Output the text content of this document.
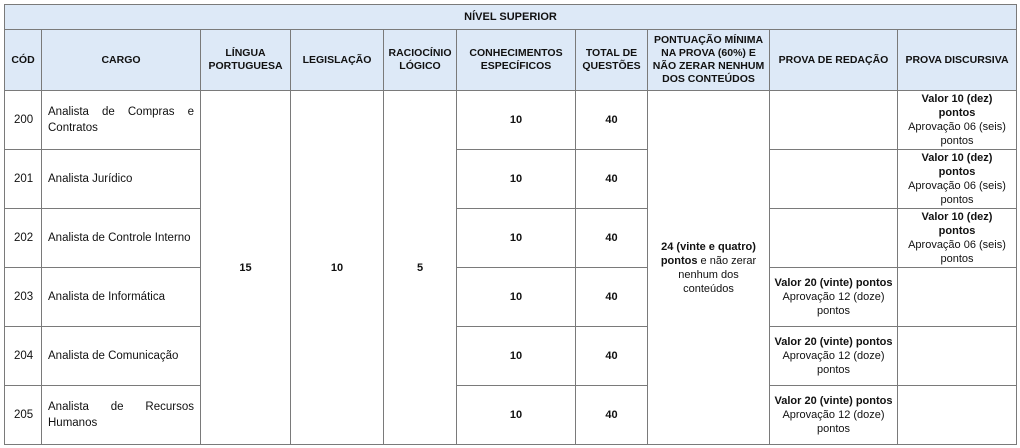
NÍVEL SUPERIOR									
CÓD	CARGO	LÍNGUA PORTUGUESA	LEGISLAÇÃO	RACIOCÍNIO LÓGICO	CONHECIMENTOS ESPECÍFICOS	TOTAL DE QUESTÕES	PONTUAÇÃO MÍNIMA NA PROVA (60%) E NÃO ZERAR NENHUM DOS CONTEÚDOS	PROVA DE REDAÇÃO	PROVA DISCURSIVA
200	Analista de Compras e Contratos	15	10	5	10	40	24 (vinte e quatro) pontos e não zerar nenhum dos conteúdos		Valor 10 (dez) pontos
Aprovação 06 (seis) pontos
201	Analista Jurídico				10	40			Valor 10 (dez) pontos
Aprovação 06 (seis) pontos
202	Analista de Controle Interno				10	40			Valor 10 (dez) pontos
Aprovação 06 (seis) pontos
203	Analista de Informática				10	40		Valor 20 (vinte) pontos
Aprovação 12 (doze) pontos	

204	Analista de Comunicação				10	40		Valor 20 (vinte) pontos
Aprovação 12 (doze) pontos	

205	Analista de Recursos Humanos				10	40		Valor 20 (vinte) pontos
Aprovação 12 (doze) pontos	
